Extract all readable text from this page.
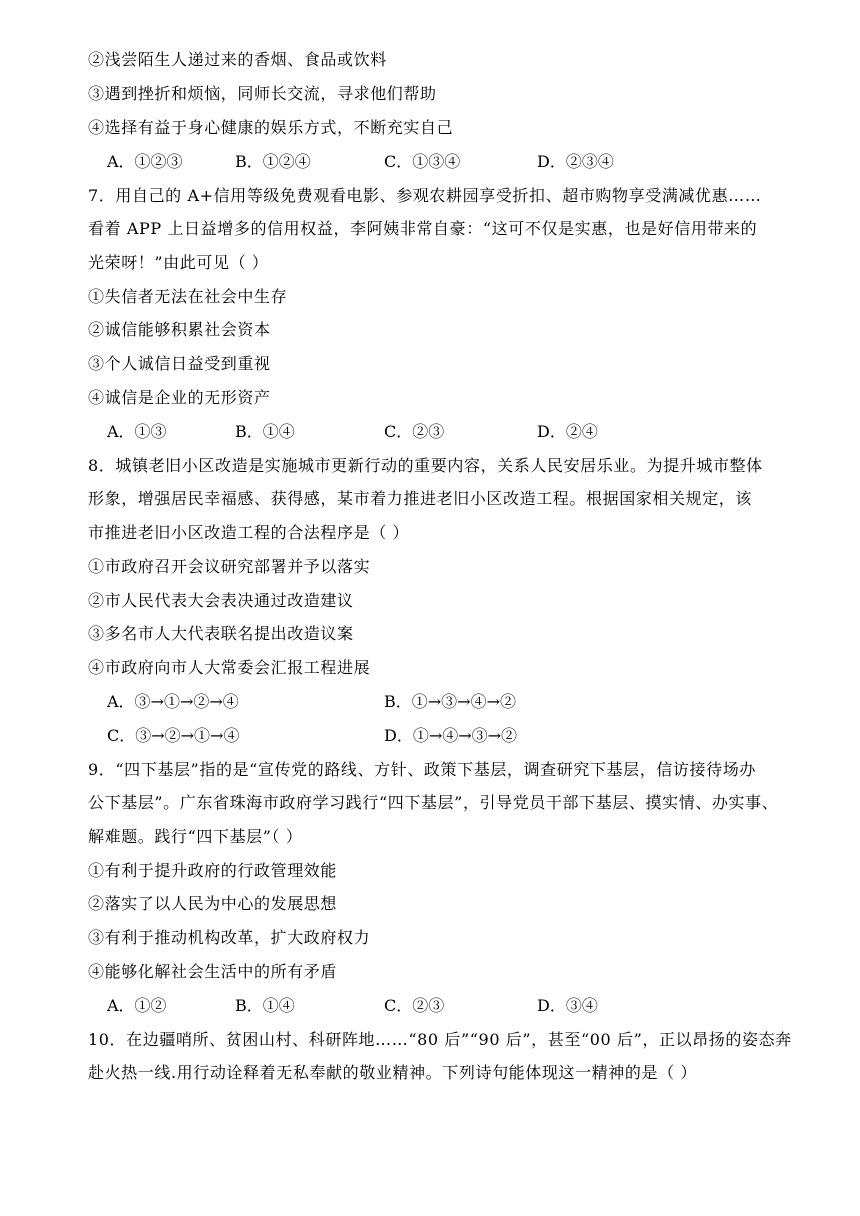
②浅尝陌生人递过来的香烟、食品或饮料
③遇到挫折和烦恼，同师长交流，寻求他们帮助
④选择有益于身心健康的娱乐方式，不断充实自己
A．①②③	B．①②④	C．①③④	D．②③④
7．用自己的 A+信用等级免费观看电影、参观农耕园享受折扣、超市购物享受满减优惠……
看着 APP 上日益增多的信用权益，李阿姨非常自豪：“这可不仅是实惠，也是好信用带来的
光荣呀！”由此可见（ ）
①失信者无法在社会中生存
②诚信能够积累社会资本
③个人诚信日益受到重视
④诚信是企业的无形资产
A．①③	B．①④	C．②③	D．②④
8．城镇老旧小区改造是实施城市更新行动的重要内容，关系人民安居乐业。为提升城市整体
形象，增强居民幸福感、获得感，某市着力推进老旧小区改造工程。根据国家相关规定，该
市推进老旧小区改造工程的合法程序是（ ）
①市政府召开会议研究部署并予以落实
②市人民代表大会表决通过改造建议
③多名市人大代表联名提出改造议案
④市政府向市人大常委会汇报工程进展
A．③→①→②→④	B．①→③→④→②
C．③→②→①→④	D．①→④→③→②
9．“四下基层”指的是“宣传党的路线、方针、政策下基层，调查研究下基层，信访接待场办
公下基层”。广东省珠海市政府学习践行“四下基层”，引导党员干部下基层、摸实情、办实事、
解难题。践行“四下基层”（ ）
①有利于提升政府的行政管理效能
②落实了以人民为中心的发展思想
③有利于推动机构改革，扩大政府权力
④能够化解社会生活中的所有矛盾
A．①②	B．①④	C．②③	D．③④
10．在边疆哨所、贫困山村、科研阵地……“80 后”“90 后”，甚至“00 后”，正以昂扬的姿态奔
赴火热一线.用行动诠释着无私奉献的敬业精神。下列诗句能体现这一精神的是（ ）
